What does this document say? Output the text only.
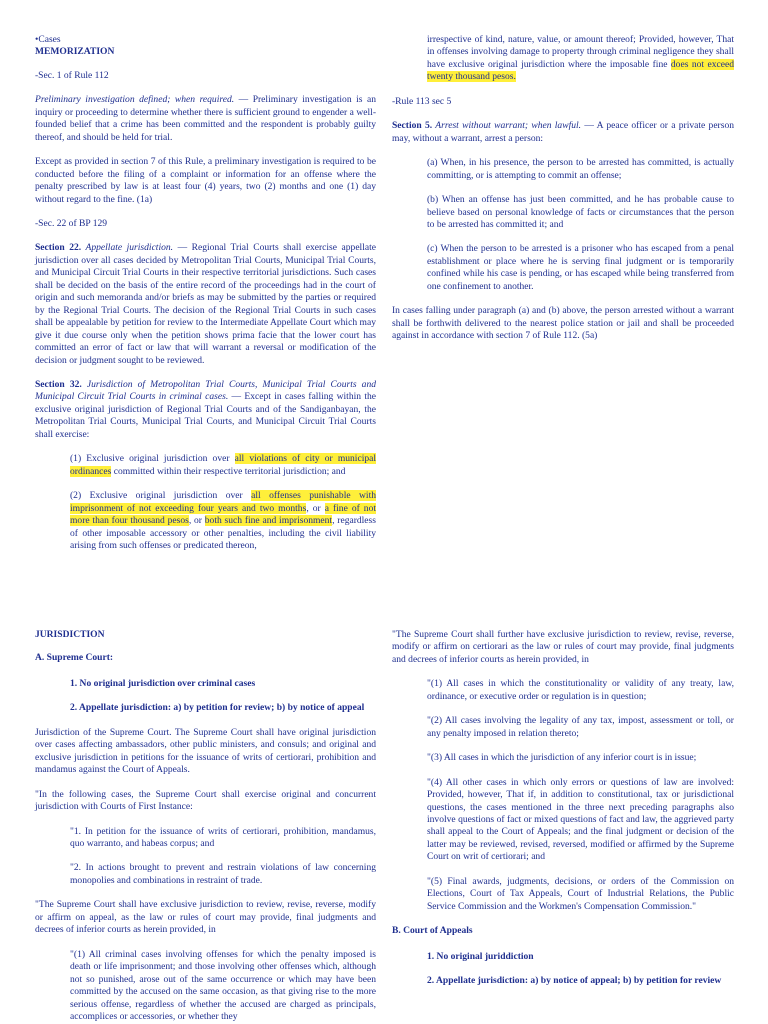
•Cases
MEMORIZATION

-Sec. 1 of Rule 112

Preliminary investigation defined; when required. — Preliminary investigation is an inquiry or proceeding to determine whether there is sufficient ground to engender a well-founded belief that a crime has been committed and the respondent is probably guilty thereof, and should be held for trial.

Except as provided in section 7 of this Rule, a preliminary investigation is required to be conducted before the filing of a complaint or information for an offense where the penalty prescribed by law is at least four (4) years, two (2) months and one (1) day without regard to the fine. (1a)

-Sec. 22 of BP 129

Section 22. Appellate jurisdiction. — Regional Trial Courts shall exercise appellate jurisdiction over all cases decided by Metropolitan Trial Courts, Municipal Trial Courts, and Municipal Circuit Trial Courts in their respective territorial jurisdictions. Such cases shall be decided on the basis of the entire record of the proceedings had in the court of origin and such memoranda and/or briefs as may be submitted by the parties or required by the Regional Trial Courts. The decision of the Regional Trial Courts in such cases shall be appealable by petition for review to the Intermediate Appellate Court which may give it due course only when the petition shows prima facie that the lower court has committed an error of fact or law that will warrant a reversal or modification of the decision or judgment sought to be reviewed.

Section 32. Jurisdiction of Metropolitan Trial Courts, Municipal Trial Courts and Municipal Circuit Trial Courts in criminal cases. — Except in cases falling within the exclusive original jurisdiction of Regional Trial Courts and of the Sandiganbayan, the Metropolitan Trial Courts, Municipal Trial Courts, and Municipal Circuit Trial Courts shall exercise:

(1) Exclusive original jurisdiction over all violations of city or municipal ordinances committed within their respective territorial jurisdiction; and

(2) Exclusive original jurisdiction over all offenses punishable with imprisonment of not exceeding four years and two months, or a fine of not more than four thousand pesos, or both such fine and imprisonment, regardless of other imposable accessory or other penalties, including the civil liability arising from such offenses or predicated thereon,

irrespective of kind, nature, value, or amount thereof; Provided, however, That in offenses involving damage to property through criminal negligence they shall have exclusive original jurisdiction where the imposable fine does not exceed twenty thousand pesos.

-Rule 113 sec 5

Section 5. Arrest without warrant; when lawful. — A peace officer or a private person may, without a warrant, arrest a person:

(a) When, in his presence, the person to be arrested has committed, is actually committing, or is attempting to commit an offense;

(b) When an offense has just been committed, and he has probable cause to believe based on personal knowledge of facts or circumstances that the person to be arrested has committed it; and

(c) When the person to be arrested is a prisoner who has escaped from a penal establishment or place where he is serving final judgment or is temporarily confined while his case is pending, or has escaped while being transferred from one confinement to another.

In cases falling under paragraph (a) and (b) above, the person arrested without a warrant shall be forthwith delivered to the nearest police station or jail and shall be proceeded against in accordance with section 7 of Rule 112. (5a)

JURISDICTION
A. Supreme Court:

1. No original jurisdiction over criminal cases

2. Appellate jurisdiction: a) by petition for review; b) by notice of appeal

Jurisdiction of the Supreme Court. The Supreme Court shall have original jurisdiction over cases affecting ambassadors, other public ministers, and consuls; and original and exclusive jurisdiction in petitions for the issuance of writs of certiorari, prohibition and mandamus against the Court of Appeals.

"In the following cases, the Supreme Court shall exercise original and concurrent jurisdiction with Courts of First Instance:

"1. In petition for the issuance of writs of certiorari, prohibition, mandamus, quo warranto, and habeas corpus; and

"2. In actions brought to prevent and restrain violations of law concerning monopolies and combinations in restraint of trade.

"The Supreme Court shall have exclusive jurisdiction to review, revise, reverse, modify or affirm on appeal, as the law or rules of court may provide, final judgments and decrees of inferior courts as herein provided, in

"(1) All criminal cases involving offenses for which the penalty imposed is death or life imprisonment; and those involving other offenses which, although not so punished, arose out of the same occurrence or which may have been committed by the accused on the same occasion, as that giving rise to the more serious offense, regardless of whether the accused are charged as principals, accomplices or accessories, or whether they

"The Supreme Court shall further have exclusive jurisdiction to review, revise, reverse, modify or affirm on certiorari as the law or rules of court may provide, final judgments and decrees of inferior courts as herein provided, in

"(1) All cases in which the constitutionality or validity of any treaty, law, ordinance, or executive order or regulation is in question;

"(2) All cases involving the legality of any tax, impost, assessment or toll, or any penalty imposed in relation thereto;

"(3) All cases in which the jurisdiction of any inferior court is in issue;

"(4) All other cases in which only errors or questions of law are involved: Provided, however, That if, in addition to constitutional, tax or jurisdictional questions, the cases mentioned in the three next preceding paragraphs also involve questions of fact or mixed questions of fact and law, the aggrieved party shall appeal to the Court of Appeals; and the final judgment or decision of the latter may be reviewed, revised, reversed, modified or affirmed by the Supreme Court on writ of certiorari; and

"(5) Final awards, judgments, decisions, or orders of the Commission on Elections, Court of Tax Appeals, Court of Industrial Relations, the Public Service Commission and the Workmen's Compensation Commission."

B. Court of Appeals

1. No original juriddiction

2. Appellate jurisdiction: a) by notice of appeal; b) by petition for review
